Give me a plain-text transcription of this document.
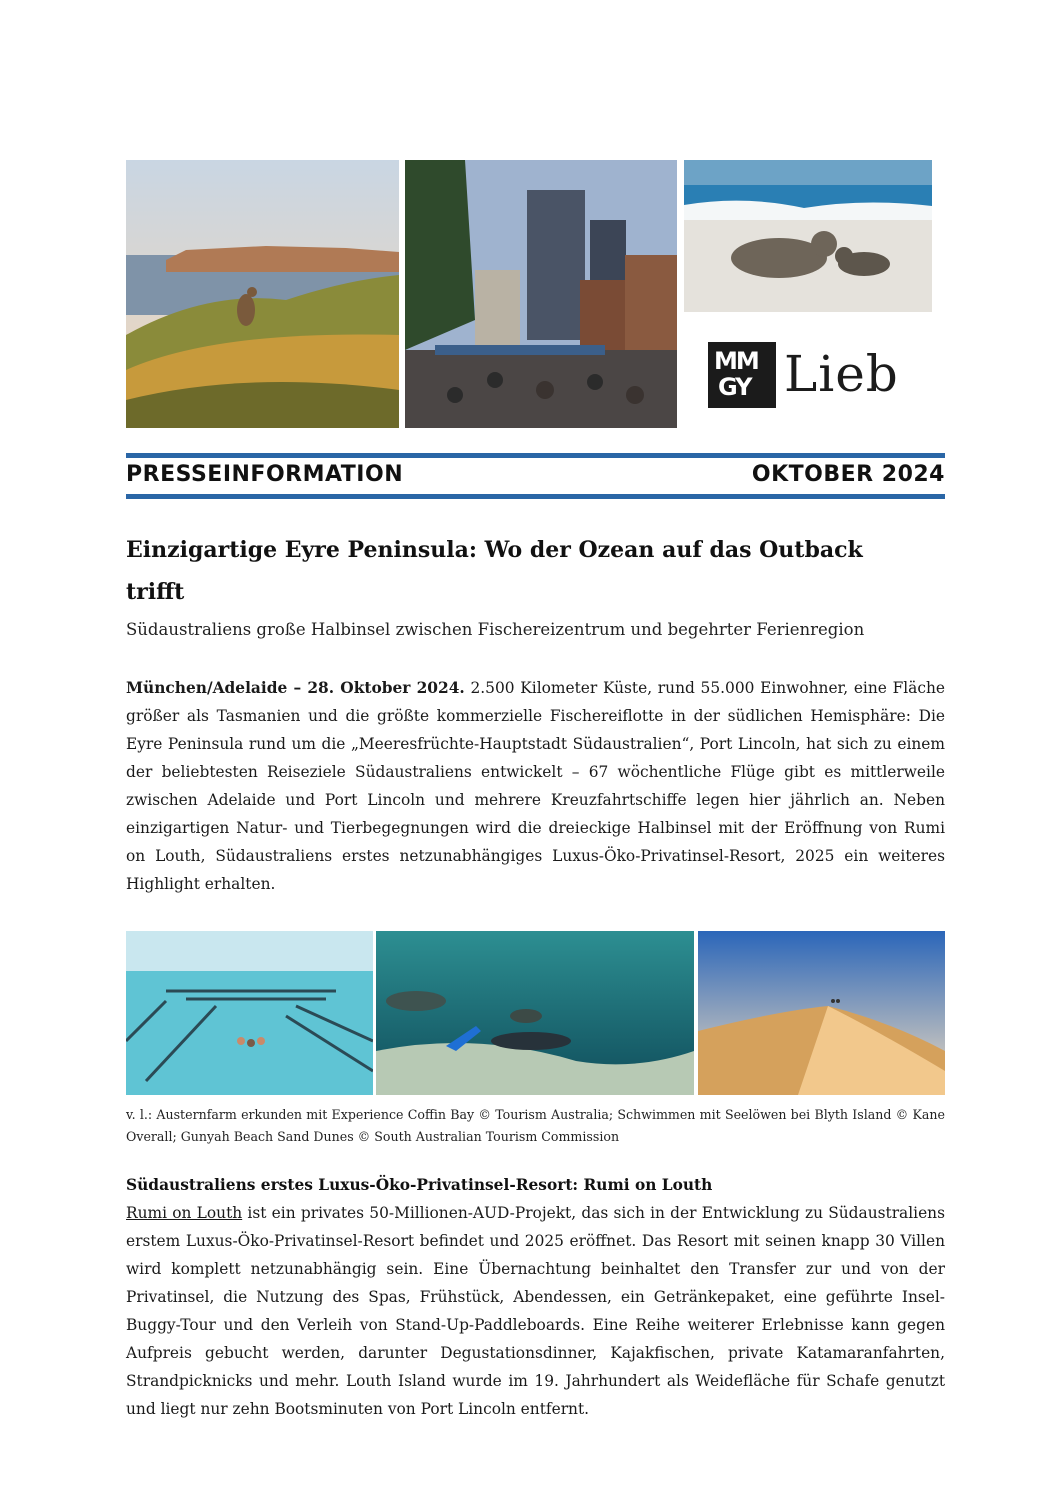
MM
GY Lieb
PRESSEINFORMATION	OKTOBER 2024
Einzigartige Eyre Peninsula: Wo der Ozean auf das Outback trifft
Südaustraliens große Halbinsel zwischen Fischereizentrum und begehrter Ferienregion
München/Adelaide – 28. Oktober 2024. 2.500 Kilometer Küste, rund 55.000 Einwohner, eine Fläche größer als Tasmanien und die größte kommerzielle Fischereiflotte in der südlichen Hemisphäre: Die Eyre Peninsula rund um die „Meeresfrüchte-Hauptstadt Südaustralien“, Port Lincoln, hat sich zu einem der beliebtesten Reiseziele Südaustraliens entwickelt – 67 wöchentliche Flüge gibt es mittlerweile zwischen Adelaide und Port Lincoln und mehrere Kreuzfahrtschiffe legen hier jährlich an. Neben einzigartigen Natur- und Tierbegegnungen wird die dreieckige Halbinsel mit der Eröffnung von Rumi on Louth, Südaustraliens erstes netzunabhängiges Luxus-Öko-Privatinsel-Resort, 2025 ein weiteres Highlight erhalten.
v. l.: Austernfarm erkunden mit Experience Coffin Bay © Tourism Australia; Schwimmen mit Seelöwen bei Blyth Island © Kane Overall; Gunyah Beach Sand Dunes © South Australian Tourism Commission
Südaustraliens erstes Luxus-Öko-Privatinsel-Resort: Rumi on Louth
Rumi on Louth ist ein privates 50-Millionen-AUD-Projekt, das sich in der Entwicklung zu Südaustraliens erstem Luxus-Öko-Privatinsel-Resort befindet und 2025 eröffnet. Das Resort mit seinen knapp 30 Villen wird komplett netzunabhängig sein. Eine Übernachtung beinhaltet den Transfer zur und von der Privatinsel, die Nutzung des Spas, Frühstück, Abendessen, ein Getränkepaket, eine geführte Insel-Buggy-Tour und den Verleih von Stand-Up-Paddleboards. Eine Reihe weiterer Erlebnisse kann gegen Aufpreis gebucht werden, darunter Degustationsdinner, Kajakfischen, private Katamaranfahrten, Strandpicknicks und mehr. Louth Island wurde im 19. Jahrhundert als Weidefläche für Schafe genutzt und liegt nur zehn Bootsminuten von Port Lincoln entfernt.
